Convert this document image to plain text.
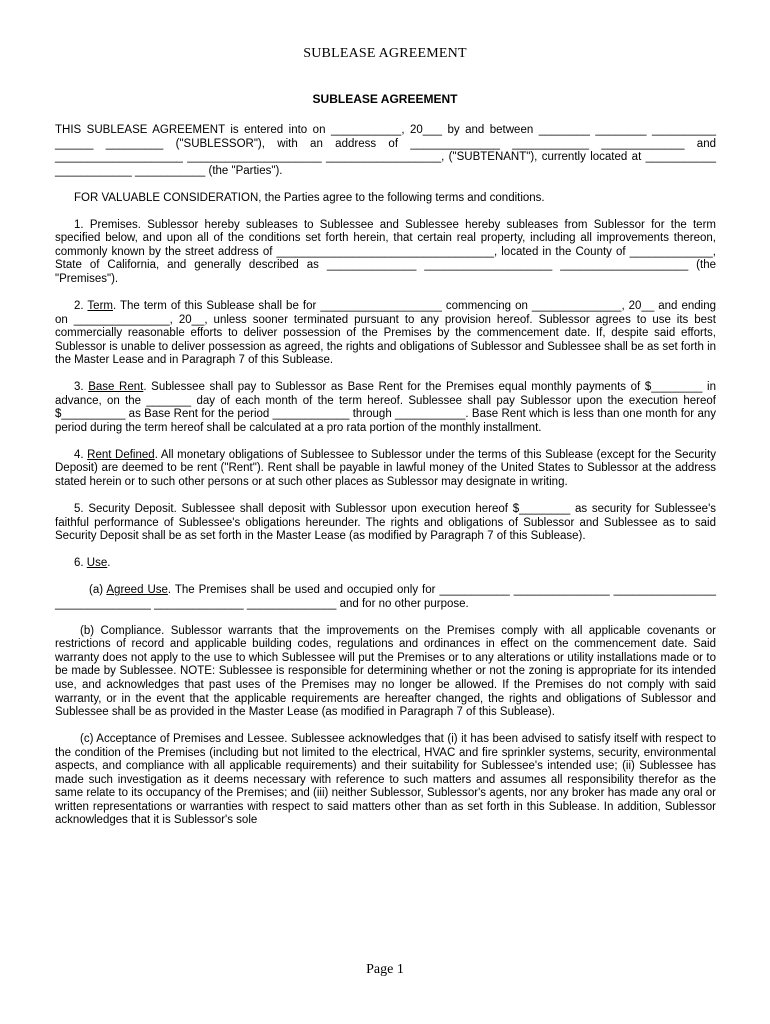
SUBLEASE AGREEMENT
SUBLEASE AGREEMENT

THIS SUBLEASE AGREEMENT is entered into on ___________, 20___ by and between ________ ________ __________ ______ _________ ("SUBLESSOR"), with an address of ______________ ____________ _____________ and ____________________ _____________________ __________________, ("SUBTENANT"), currently located at ___________ ____________ ___________ (the "Parties").

FOR VALUABLE CONSIDERATION, the Parties agree to the following terms and conditions.

1. Premises. Sublessor hereby subleases to Sublessee and Sublessee hereby subleases from Sublessor for the term specified below, and upon all of the conditions set forth herein, that certain real property, including all improvements thereon, commonly known by the street address of __________________________________, located in the County of _____________, State of California, and generally described as ______________ ____________________ ____________________ (the "Premises").

2. Term. The term of this Sublease shall be for ___________________ commencing on ______________, 20__ and ending on _______________, 20__, unless sooner terminated pursuant to any provision hereof. Sublessor agrees to use its best commercially reasonable efforts to deliver possession of the Premises by the commencement date. If, despite said efforts, Sublessor is unable to deliver possession as agreed, the rights and obligations of Sublessor and Sublessee shall be as set forth in the Master Lease and in Paragraph 7 of this Sublease.

3. Base Rent. Sublessee shall pay to Sublessor as Base Rent for the Premises equal monthly payments of $________ in advance, on the _______ day of each month of the term hereof. Sublessee shall pay Sublessor upon the execution hereof $__________ as Base Rent for the period ____________ through ___________. Base Rent which is less than one month for any period during the term hereof shall be calculated at a pro rata portion of the monthly installment.

4. Rent Defined. All monetary obligations of Sublessee to Sublessor under the terms of this Sublease (except for the Security Deposit) are deemed to be rent ("Rent"). Rent shall be payable in lawful money of the United States to Sublessor at the address stated herein or to such other persons or at such other places as Sublessor may designate in writing.

5. Security Deposit. Sublessee shall deposit with Sublessor upon execution hereof $________ as security for Sublessee's faithful performance of Sublessee's obligations hereunder. The rights and obligations of Sublessor and Sublessee as to said Security Deposit shall be as set forth in the Master Lease (as modified by Paragraph 7 of this Sublease).

6. Use.

(a) Agreed Use. The Premises shall be used and occupied only for ___________ _______________ ________________ _______________ ______________ ______________ and for no other purpose.

(b) Compliance. Sublessor warrants that the improvements on the Premises comply with all applicable covenants or restrictions of record and applicable building codes, regulations and ordinances in effect on the commencement date. Said warranty does not apply to the use to which Sublessee will put the Premises or to any alterations or utility installations made or to be made by Sublessee. NOTE: Sublessee is responsible for determining whether or not the zoning is appropriate for its intended use, and acknowledges that past uses of the Premises may no longer be allowed. If the Premises do not comply with said warranty, or in the event that the applicable requirements are hereafter changed, the rights and obligations of Sublessor and Sublessee shall be as provided in the Master Lease (as modified in Paragraph 7 of this Sublease).

(c) Acceptance of Premises and Lessee. Sublessee acknowledges that (i) it has been advised to satisfy itself with respect to the condition of the Premises (including but not limited to the electrical, HVAC and fire sprinkler systems, security, environmental aspects, and compliance with all applicable requirements) and their suitability for Sublessee's intended use; (ii) Sublessee has made such investigation as it deems necessary with reference to such matters and assumes all responsibility therefor as the same relate to its occupancy of the Premises; and (iii) neither Sublessor, Sublessor's agents, nor any broker has made any oral or written representations or warranties with respect to said matters other than as set forth in this Sublease. In addition, Sublessor acknowledges that it is Sublessor's sole

Page 1
